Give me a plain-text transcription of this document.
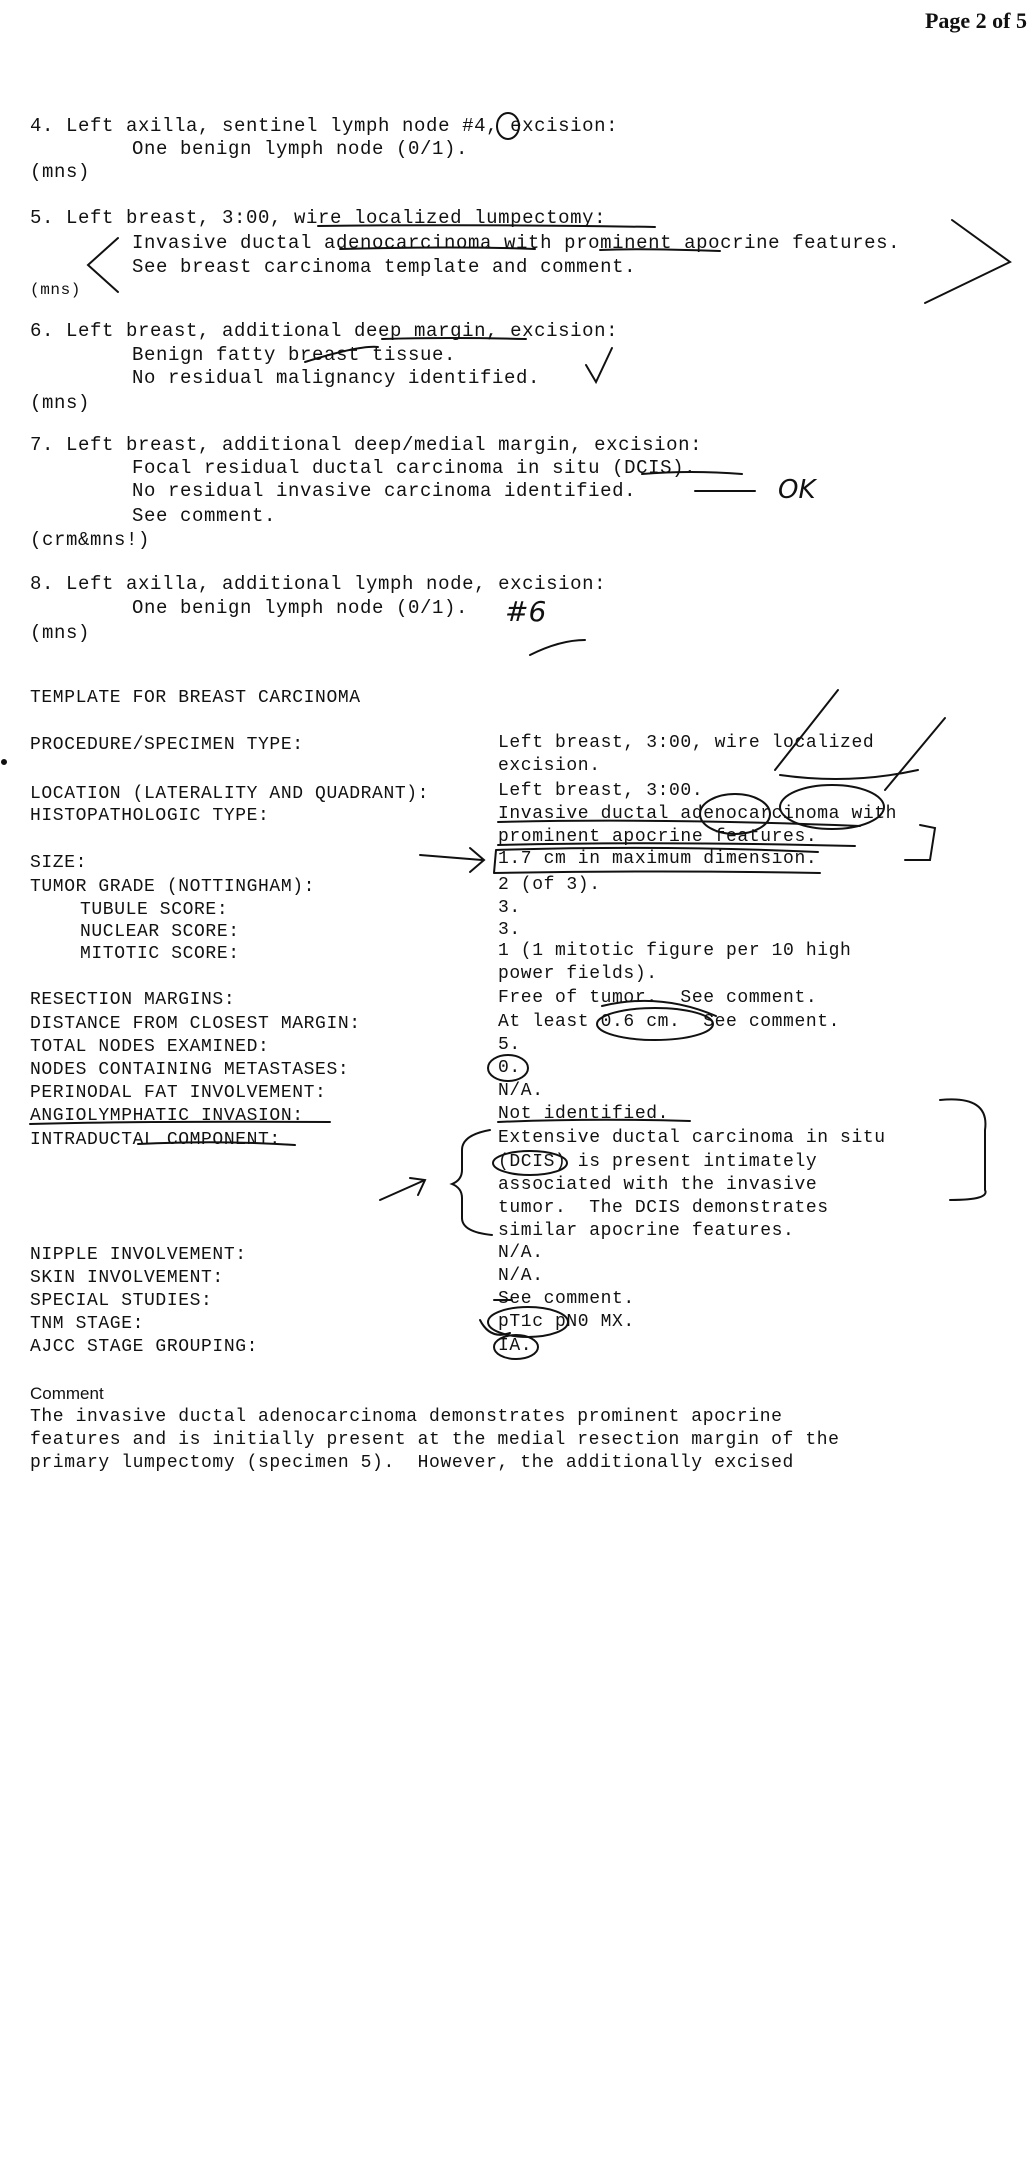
Page 2 of 5

4. Left axilla, sentinel lymph node #4, excision:

One benign lymph node (0/1).

(mns)

5. Left breast, 3:00, wire localized lumpectomy:

Invasive ductal adenocarcinoma with prominent apocrine features.

See breast carcinoma template and comment.

(mns)

6. Left breast, additional deep margin, excision:

Benign fatty breast tissue.

No residual malignancy identified.

(mns)

7. Left breast, additional deep/medial margin, excision:

Focal residual ductal carcinoma in situ (DCIS).

No residual invasive carcinoma identified.

See comment.

(crm&mns!)

8. Left axilla, additional lymph node, excision:

One benign lymph node (0/1).

(mns)

TEMPLATE FOR BREAST CARCINOMA

PROCEDURE/SPECIMEN TYPE:

	Left breast, 3:00, wire localized

excision.

LOCATION (LATERALITY AND QUADRANT):

	Left breast, 3:00.

HISTOPATHOLOGIC TYPE:

	Invasive ductal adenocarcinoma with

prominent apocrine features.

SIZE:

	1.7 cm in maximum dimension.

TUMOR GRADE (NOTTINGHAM):

	2 (of 3).

TUBULE SCORE:

	3.

NUCLEAR SCORE:

	3.

MITOTIC SCORE:

	1 (1 mitotic figure per 10 high

power fields).

RESECTION MARGINS:

	Free of tumor.  See comment.

DISTANCE FROM CLOSEST MARGIN:

	At least 0.6 cm.  See comment.

TOTAL NODES EXAMINED:

	5.

NODES CONTAINING METASTASES:

	0.

PERINODAL FAT INVOLVEMENT:

	N/A.

ANGIOLYMPHATIC INVASION:

	Not identified.

INTRADUCTAL COMPONENT:

	Extensive ductal carcinoma in situ

(DCIS) is present intimately

associated with the invasive

tumor.  The DCIS demonstrates

similar apocrine features.

NIPPLE INVOLVEMENT:

	N/A.

SKIN INVOLVEMENT:

	N/A.

SPECIAL STUDIES:

	See comment.

TNM STAGE:

	pT1c pN0 MX.

AJCC STAGE GROUPING:

	IA.

Comment

The invasive ductal adenocarcinoma demonstrates prominent apocrine

features and is initially present at the medial resection margin of the

primary lumpectomy (specimen 5).  However, the additionally excised

OK
#6
